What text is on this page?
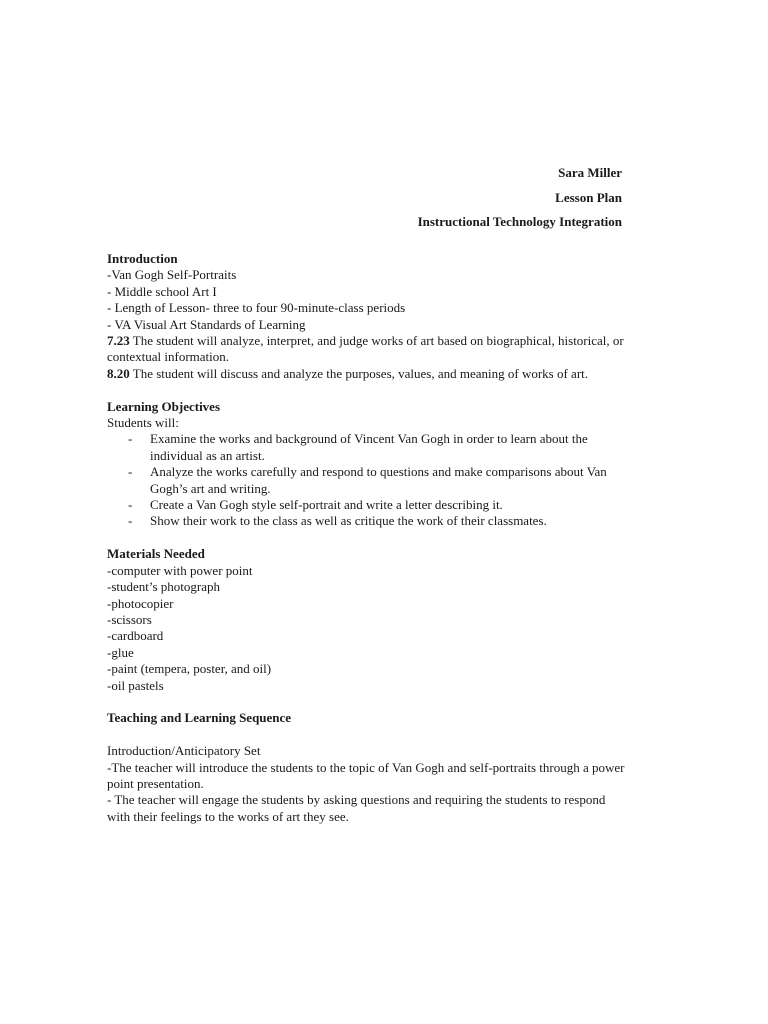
Sara Miller
Lesson Plan
Instructional Technology Integration

Introduction

-Van Gogh Self-Portraits

- Middle school Art I

- Length of Lesson- three to four 90-minute-class periods

- VA Visual Art Standards of Learning

7.23 The student will analyze, interpret, and judge works of art based on biographical, historical, or contextual information.

8.20 The student will discuss and analyze the purposes, values, and meaning of works of art.

Learning Objectives

Students will:

- Examine the works and background of Vincent Van Gogh in order to learn about the individual as an artist.
- Analyze the works carefully and respond to questions and make comparisons about Van Gogh’s art and writing.
- Create a Van Gogh style self-portrait and write a letter describing it.
- Show their work to the class as well as critique the work of their classmates.

Materials Needed

-computer with power point

-student’s photograph

-photocopier

-scissors

-cardboard

-glue

-paint (tempera, poster, and oil)

-oil pastels

Teaching and Learning Sequence

Introduction/Anticipatory Set

-The teacher will introduce the students to the topic of Van Gogh and self-portraits through a power point presentation.

- The teacher will engage the students by asking questions and requiring the students to respond with their feelings to the works of art they see.
